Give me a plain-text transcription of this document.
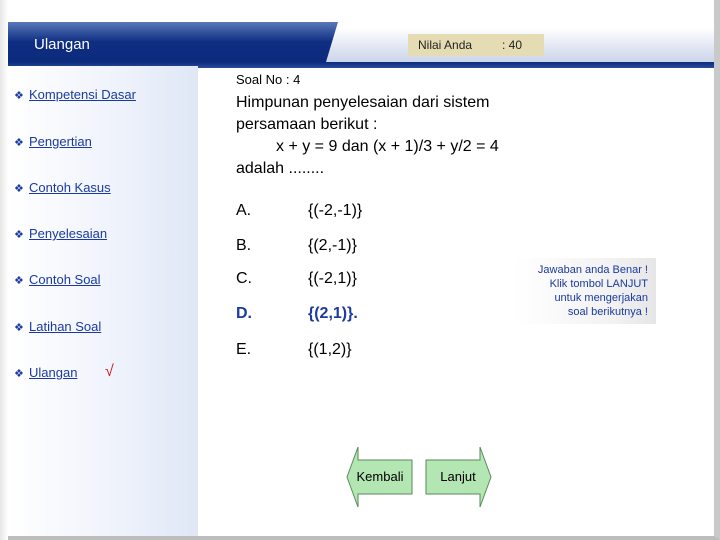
Ulangan	Nilai Anda : 40
❖ Kompetensi Dasar
❖ Pengertian
❖ Contoh Kasus
❖ Penyelesaian
❖ Contoh Soal
❖ Latihan Soal
❖ Ulangan √
Soal No : 4
Himpunan penyelesaian dari sistem
persamaan berikut :
x + y = 9 dan (x + 1)/3 + y/2 = 4
adalah ........
A.	{(-2,-1)}
B.	{(2,-1)}
C.	{(-2,1)}
D.	{(2,1)}.
E.	{(1,2)}
Jawaban anda Benar !
Klik tombol LANJUT
untuk mengerjakan
soal berikutnya !
Kembali	Lanjut
